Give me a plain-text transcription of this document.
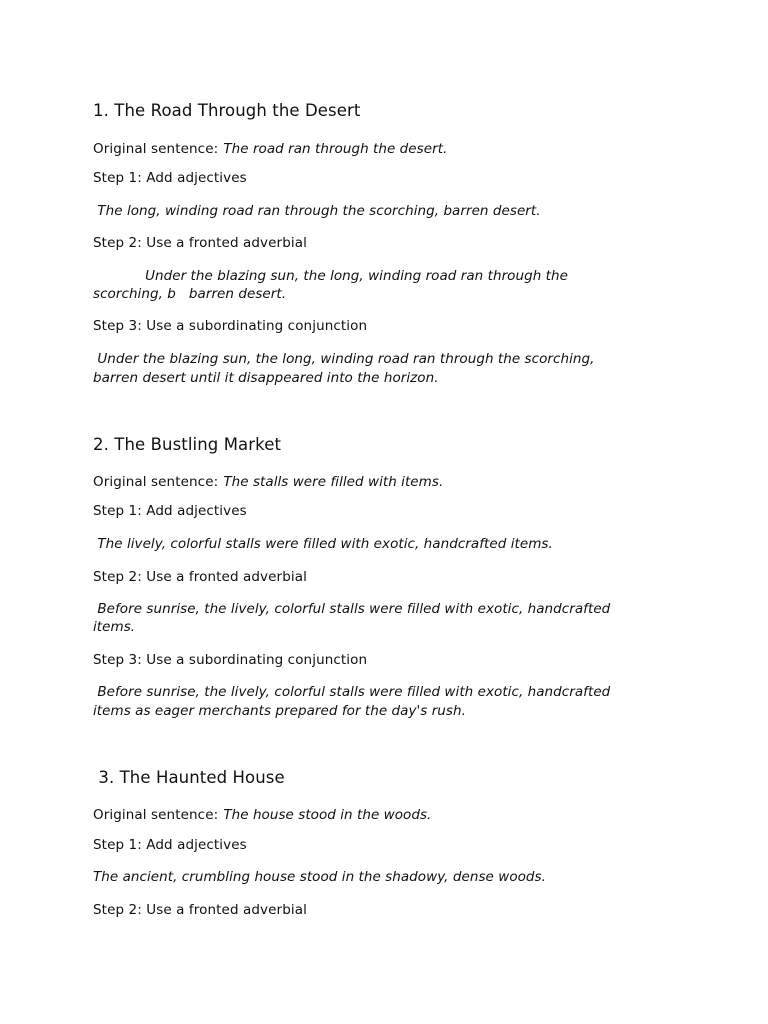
1. The Road Through the Desert
Original sentence: The road ran through the desert.
Step 1: Add adjectives
The long, winding road ran through the scorching, barren desert.
Step 2: Use a fronted adverbial
Under the blazing sun, the long, winding road ran through the
scorching, b   barren desert.
Step 3: Use a subordinating conjunction
Under the blazing sun, the long, winding road ran through the scorching,
barren desert until it disappeared into the horizon.
2. The Bustling Market
Original sentence: The stalls were filled with items.
Step 1: Add adjectives
The lively, colorful stalls were filled with exotic, handcrafted items.
Step 2: Use a fronted adverbial
Before sunrise, the lively, colorful stalls were filled with exotic, handcrafted
items.
Step 3: Use a subordinating conjunction
Before sunrise, the lively, colorful stalls were filled with exotic, handcrafted
items as eager merchants prepared for the day's rush.
3. The Haunted House
Original sentence: The house stood in the woods.
Step 1: Add adjectives
The ancient, crumbling house stood in the shadowy, dense woods.
Step 2: Use a fronted adverbial
